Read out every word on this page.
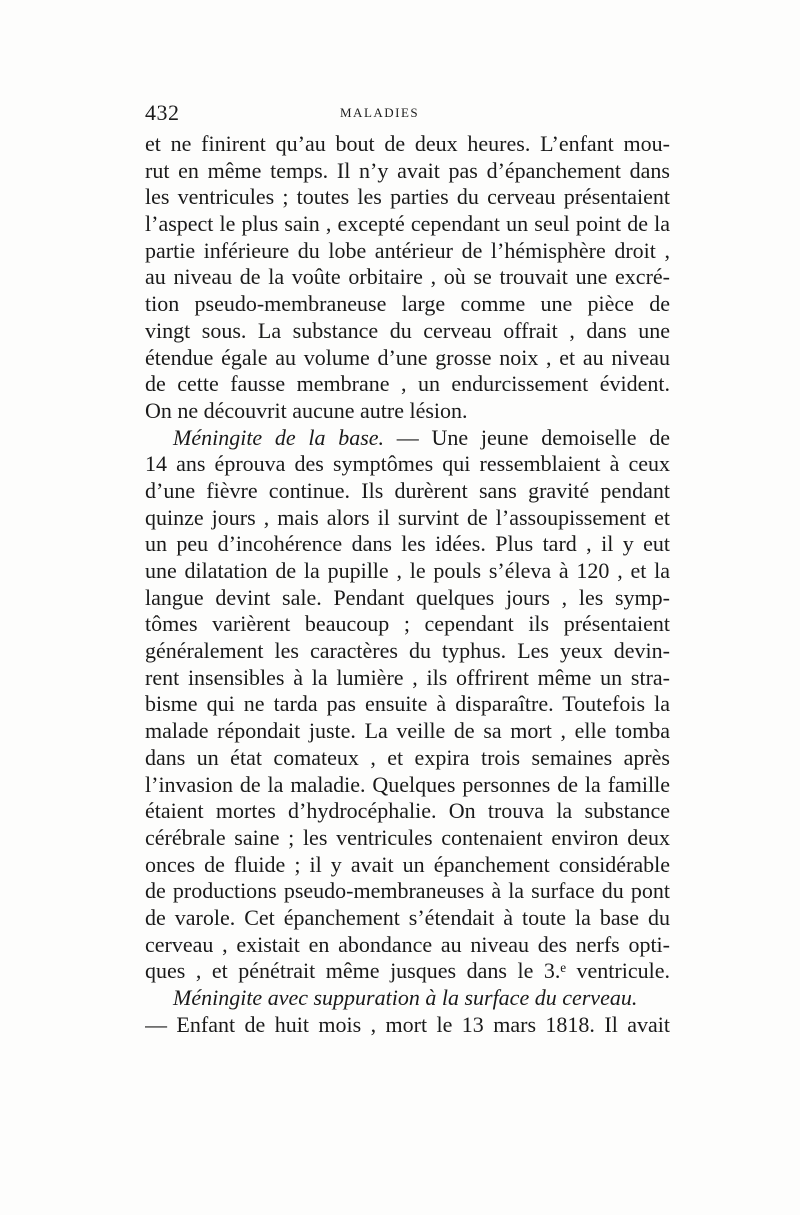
432	MALADIES
et ne finirent qu’au bout de deux heures. L’enfant mou-
rut en même temps. Il n’y avait pas d’épanchement dans
les ventricules ; toutes les parties du cerveau présentaient
l’aspect le plus sain , excepté cependant un seul point de la
partie inférieure du lobe antérieur de l’hémisphère droit ,
au niveau de la voûte orbitaire , où se trouvait une excré-
tion pseudo-membraneuse large comme une pièce de
vingt sous. La substance du cerveau offrait , dans une
étendue égale au volume d’une grosse noix , et au niveau
de cette fausse membrane , un endurcissement évident.
On ne découvrit aucune autre lésion.
Méningite de la base. — Une jeune demoiselle de
14 ans éprouva des symptômes qui ressemblaient à ceux
d’une fièvre continue. Ils durèrent sans gravité pendant
quinze jours , mais alors il survint de l’assoupissement et
un peu d’incohérence dans les idées. Plus tard , il y eut
une dilatation de la pupille , le pouls s’éleva à 120 , et la
langue devint sale. Pendant quelques jours , les symp-
tômes varièrent beaucoup ; cependant ils présentaient
généralement les caractères du typhus. Les yeux devin-
rent insensibles à la lumière , ils offrirent même un stra-
bisme qui ne tarda pas ensuite à disparaître. Toutefois la
malade répondait juste. La veille de sa mort , elle tomba
dans un état comateux , et expira trois semaines après
l’invasion de la maladie. Quelques personnes de la famille
étaient mortes d’hydrocéphalie. On trouva la substance
cérébrale saine ; les ventricules contenaient environ deux
onces de fluide ; il y avait un épanchement considérable
de productions pseudo-membraneuses à la surface du pont
de varole. Cet épanchement s’étendait à toute la base du
cerveau , existait en abondance au niveau des nerfs opti-
ques , et pénétrait même jusques dans le 3.ᵉ ventricule.
Méningite avec suppuration à la surface du cerveau.
— Enfant de huit mois , mort le 13 mars 1818. Il avait
